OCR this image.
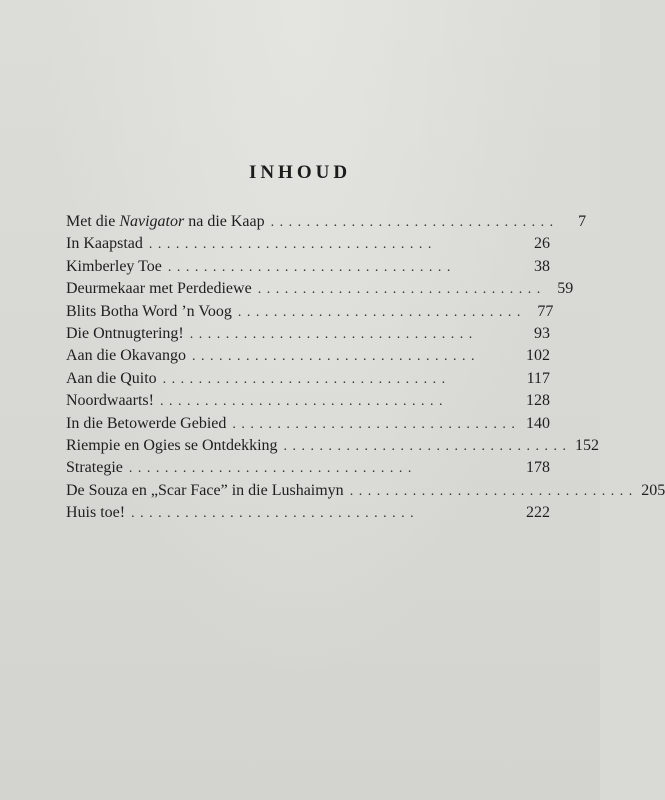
INHOUD
Met die Navigator na die Kaap . . . . . . . . . . . . . . . . . . . . . . . . . . . . . . . .	7
In Kaapstad . . . . . . . . . . . . . . . . . . . . . . . . . . . . . . . .	26
Kimberley Toe . . . . . . . . . . . . . . . . . . . . . . . . . . . . . . . .	38
Deurmekaar met Perdediewe . . . . . . . . . . . . . . . . . . . . . . . . . . . . . . . .	59
Blits Botha Word ’n Voog . . . . . . . . . . . . . . . . . . . . . . . . . . . . . . . .	77
Die Ontnugtering! . . . . . . . . . . . . . . . . . . . . . . . . . . . . . . . .	93
Aan die Okavango . . . . . . . . . . . . . . . . . . . . . . . . . . . . . . . .	102
Aan die Quito . . . . . . . . . . . . . . . . . . . . . . . . . . . . . . . .	117
Noordwaarts! . . . . . . . . . . . . . . . . . . . . . . . . . . . . . . . .	128
In die Betowerde Gebied . . . . . . . . . . . . . . . . . . . . . . . . . . . . . . . . 140
Riempie en Ogies se Ontdekking . . . . . . . . . . . . . . . . . . . . . . . . . . . . . . . . 152
Strategie . . . . . . . . . . . . . . . . . . . . . . . . . . . . . . . .	178
De Souza en „Scar Face” in die Lushaimyn . . . . . . . . . . . . . . . . . . . . . . . . . . . . . . . . 205
Huis toe! . . . . . . . . . . . . . . . . . . . . . . . . . . . . . . . .	222
